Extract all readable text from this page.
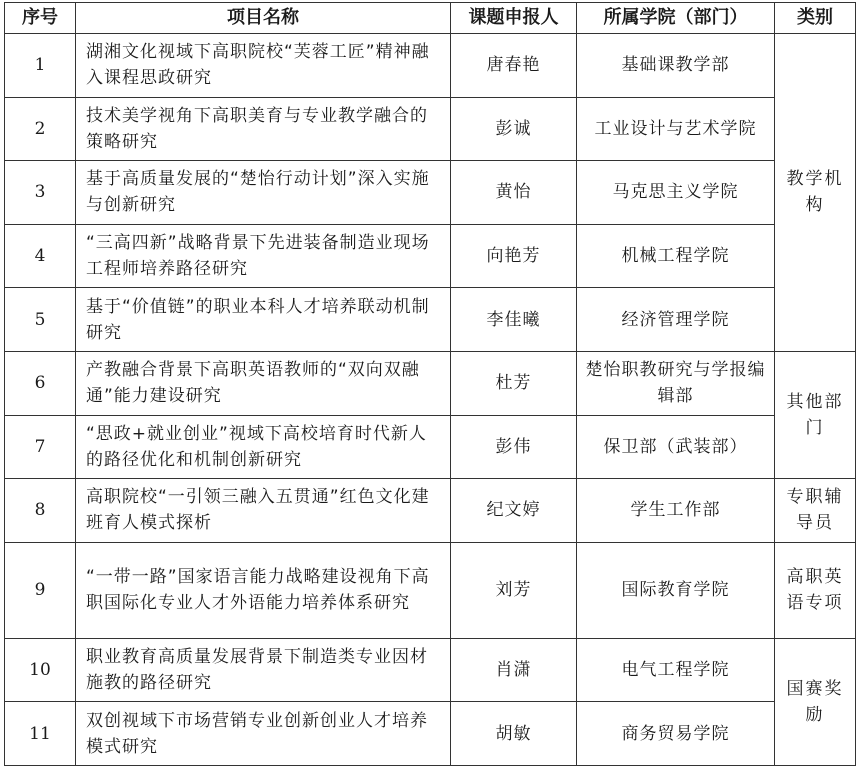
序号	项目名称	课题申报人	所属学院（部门）	类别
1	湖湘文化视域下高职院校“芙蓉工匠”精神融入课程思政研究	唐春艳	基础课教学部	教学机构
2	技术美学视角下高职美育与专业教学融合的策略研究	彭诚	工业设计与艺术学院	
3	基于高质量发展的“楚怡行动计划”深入实施与创新研究	黄怡	马克思主义学院	
4	“三高四新”战略背景下先进装备制造业现场工程师培养路径研究	向艳芳	机械工程学院	
5	基于“价值链”的职业本科人才培养联动机制研究	李佳曦	经济管理学院	
6	产教融合背景下高职英语教师的“双向双融通”能力建设研究	杜芳	楚怡职教研究与学报编辑部	其他部门
7	“思政+就业创业”视域下高校培育时代新人的路径优化和机制创新研究	彭伟	保卫部（武装部）	
8	高职院校“一引领三融入五贯通”红色文化建班育人模式探析	纪文婷	学生工作部	专职辅导员
9	“一带一路”国家语言能力战略建设视角下高职国际化专业人才外语能力培养体系研究	刘芳	国际教育学院	高职英语专项
10	职业教育高质量发展背景下制造类专业因材施教的路径研究	肖潇	电气工程学院	国赛奖励
11	双创视域下市场营销专业创新创业人才培养模式研究	胡敏	商务贸易学院	
